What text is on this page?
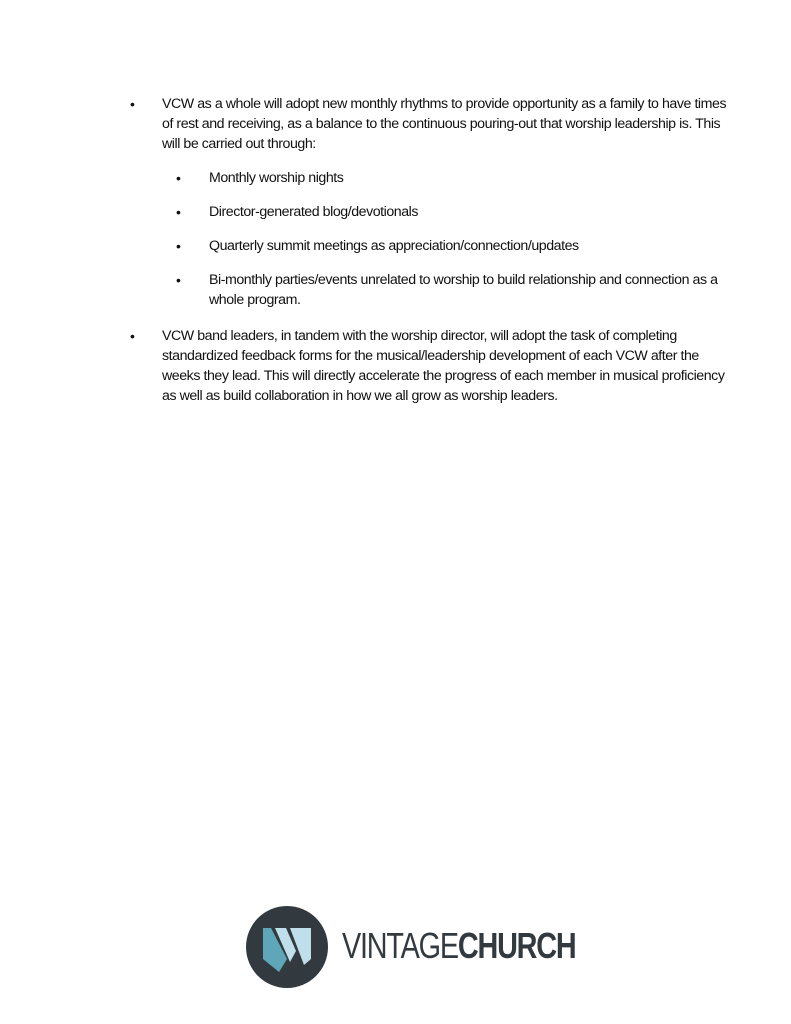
• VCW as a whole will adopt new monthly rhythms to provide opportunity as a family to have times of rest and receiving, as a balance to the continuous pouring-out that worship leadership is. This will be carried out through:
• Monthly worship nights
• Director-generated blog/devotionals
• Quarterly summit meetings as appreciation/connection/updates
• Bi-monthly parties/events unrelated to worship to build relationship and connection as a whole program.
• VCW band leaders, in tandem with the worship director, will adopt the task of completing standardized feedback forms for the musical/leadership development of each VCW after the weeks they lead. This will directly accelerate the progress of each member in musical proficiency as well as build collaboration in how we all grow as worship leaders.
VINTAGECHURCH
